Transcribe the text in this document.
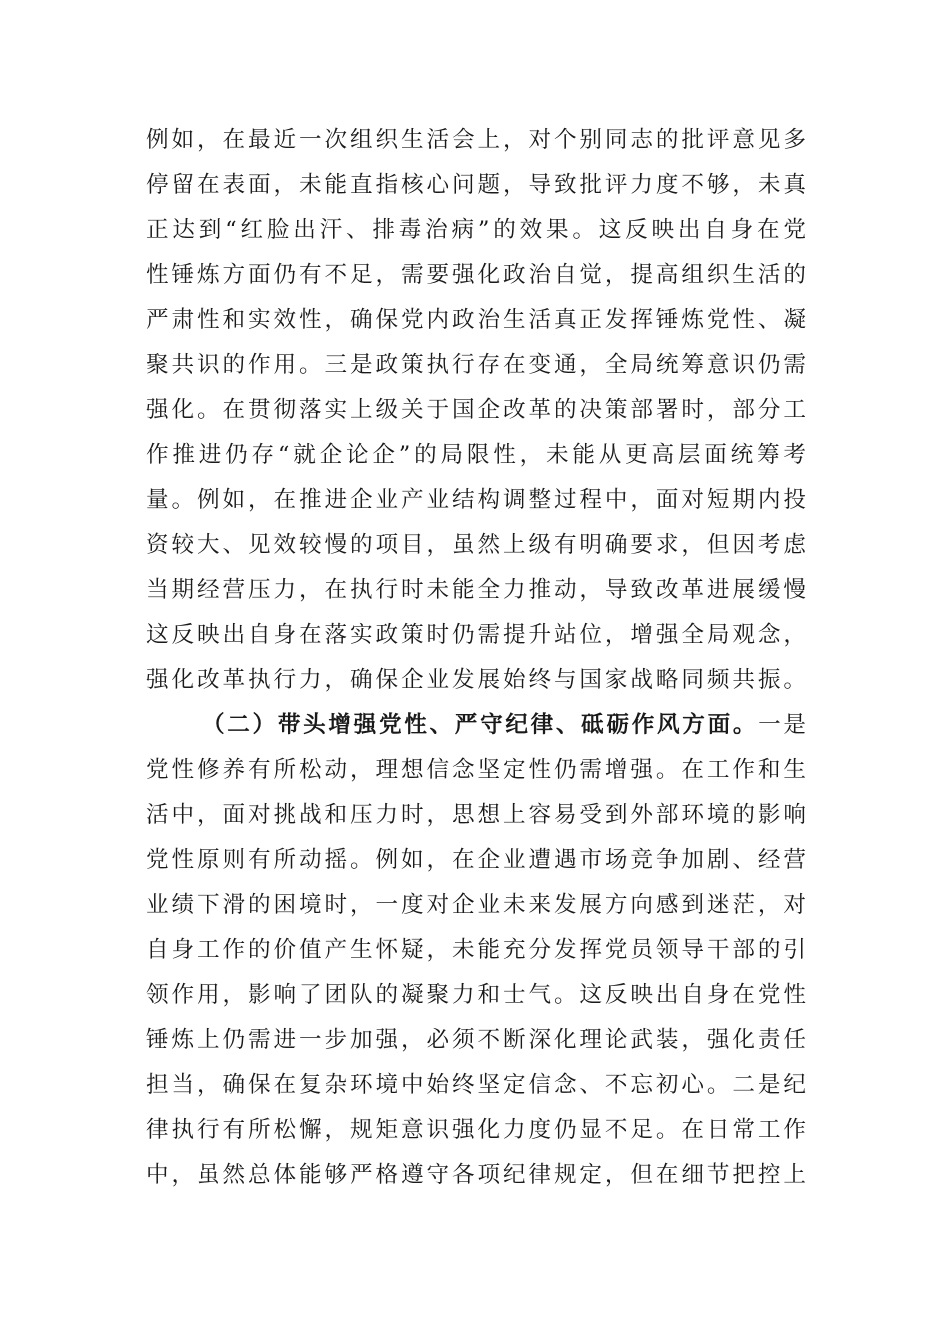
例如，在最近一次组织生活会上，对个别同志的批评意见多
停留在表面，未能直指核心问题，导致批评力度不够，未真
正达到“红脸出汗、排毒治病”的效果。这反映出自身在党
性锤炼方面仍有不足，需要强化政治自觉，提高组织生活的
严肃性和实效性，确保党内政治生活真正发挥锤炼党性、凝
聚共识的作用。三是政策执行存在变通，全局统筹意识仍需
强化。在贯彻落实上级关于国企改革的决策部署时，部分工
作推进仍存“就企论企”的局限性，未能从更高层面统筹考
量。例如，在推进企业产业结构调整过程中，面对短期内投
资较大、见效较慢的项目，虽然上级有明确要求，但因考虑
当期经营压力，在执行时未能全力推动，导致改革进展缓慢
这反映出自身在落实政策时仍需提升站位，增强全局观念，
强化改革执行力，确保企业发展始终与国家战略同频共振。
（二）带头增强党性、严守纪律、砥砺作风方面。一是
党性修养有所松动，理想信念坚定性仍需增强。在工作和生
活中，面对挑战和压力时，思想上容易受到外部环境的影响
党性原则有所动摇。例如，在企业遭遇市场竞争加剧、经营
业绩下滑的困境时，一度对企业未来发展方向感到迷茫，对
自身工作的价值产生怀疑，未能充分发挥党员领导干部的引
领作用，影响了团队的凝聚力和士气。这反映出自身在党性
锤炼上仍需进一步加强，必须不断深化理论武装，强化责任
担当，确保在复杂环境中始终坚定信念、不忘初心。二是纪
律执行有所松懈，规矩意识强化力度仍显不足。在日常工作
中，虽然总体能够严格遵守各项纪律规定，但在细节把控上
